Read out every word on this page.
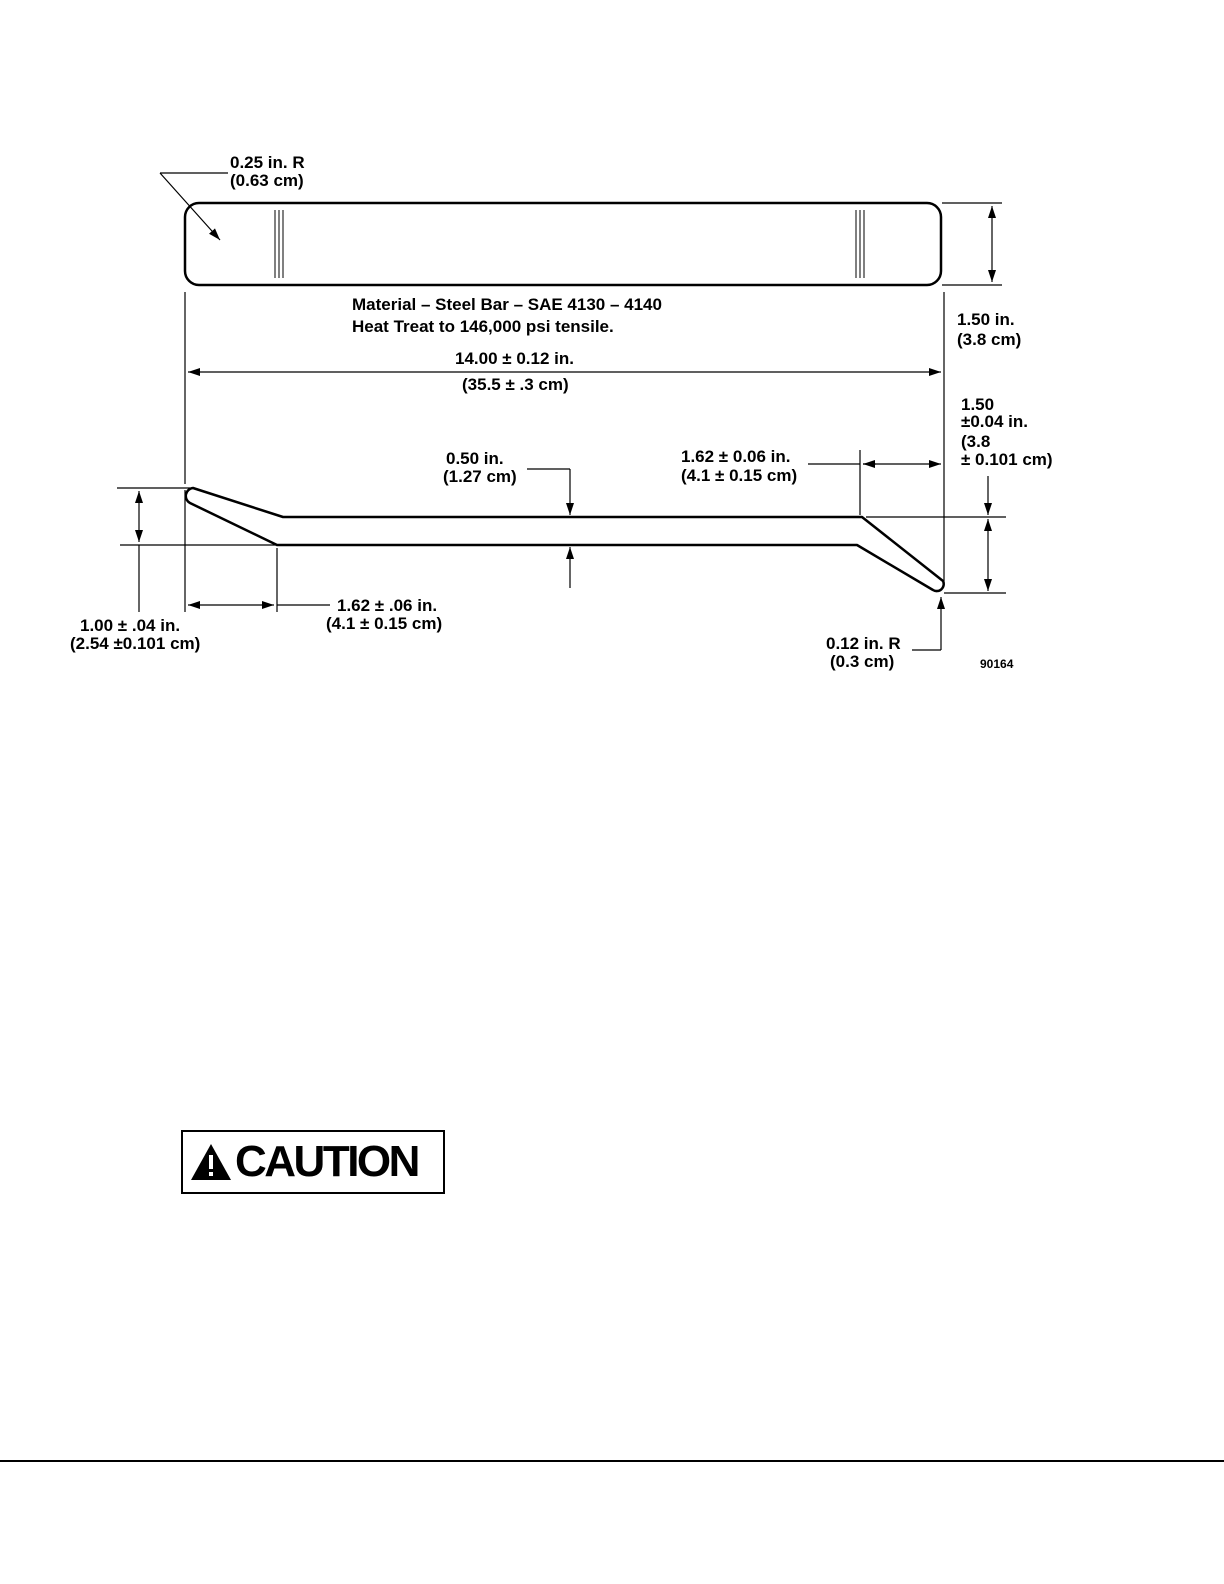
0.25 in. R
(0.63 cm)
1.50 in.
(3.8 cm)
Material – Steel Bar – SAE 4130 – 4140
Heat Treat to 146,000 psi tensile.
14.00 ± 0.12 in.
(35.5 ± .3 cm)
0.50 in.
(1.27 cm)
1.62 ± 0.06 in.
(4.1 ± 0.15 cm)
1.50
±0.04 in.
(3.8
± 0.101 cm)
1.00 ± .04 in.
(2.54 ±0.101 cm)
1.62 ± .06 in.
(4.1 ± 0.15 cm)
0.12 in. R
(0.3 cm)	90164
CAUTION
